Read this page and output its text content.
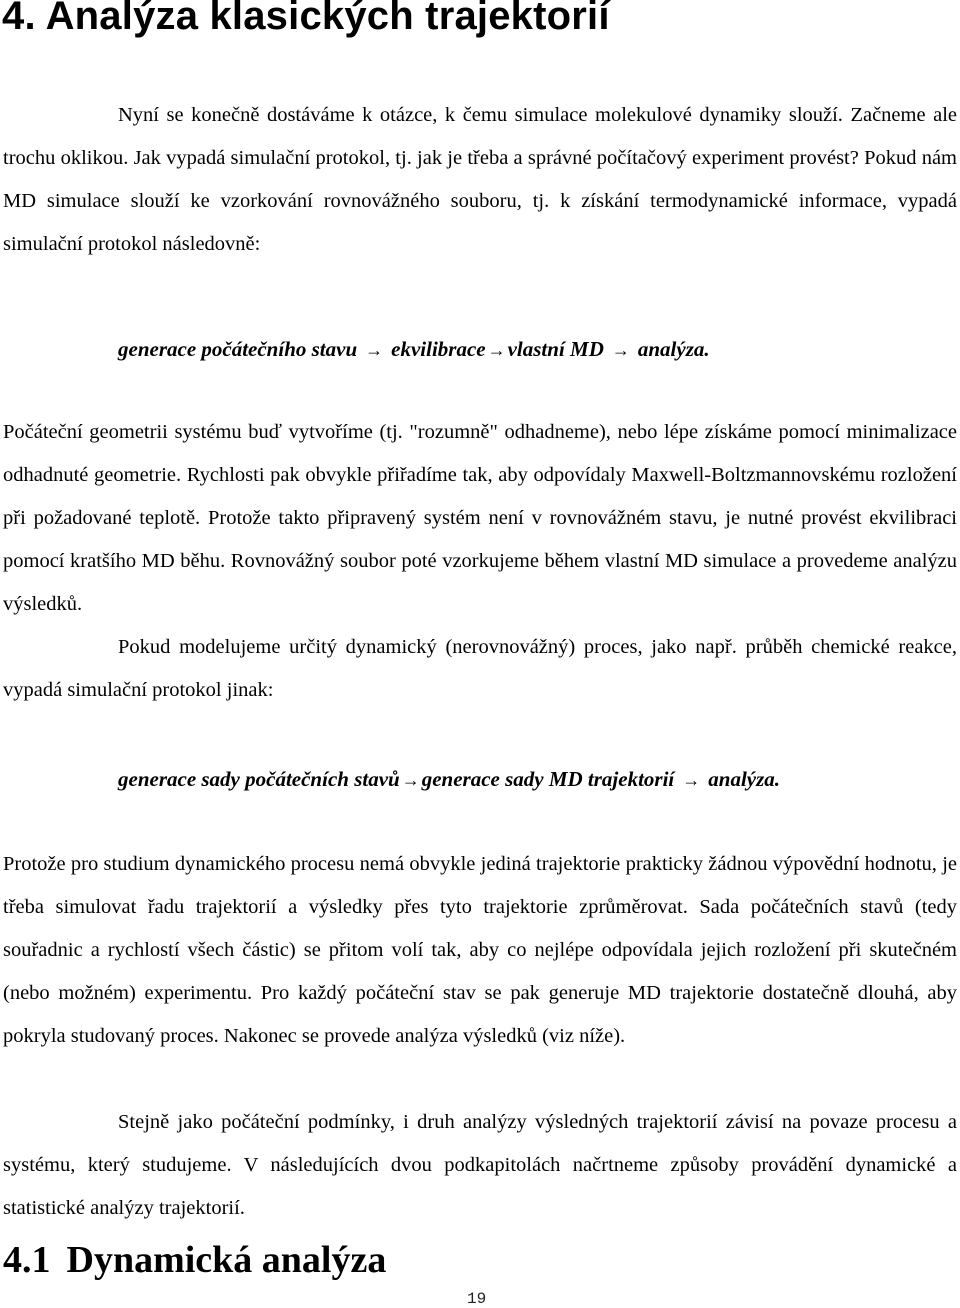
4. Analýza klasických trajektorií

Nyní se konečně dostáváme k otázce, k čemu simulace molekulové dynamiky slouží. Začneme ale trochu oklikou. Jak vypadá simulační protokol, tj. jak je třeba a správné počítačový experiment provést? Pokud nám MD simulace slouží ke vzorkování rovnovážného souboru, tj. k získání termodynamické informace, vypadá simulační protokol následovně:

generace počátečního stavu → ekvilibrace →vlastní MD → analýza.

Počáteční geometrii systému buď vytvoříme (tj. "rozumně" odhadneme), nebo lépe získáme pomocí minimalizace odhadnuté geometrie. Rychlosti pak obvykle přiřadíme tak, aby odpovídaly Maxwell-Boltzmannovskému rozložení při požadované teplotě. Protože takto připravený systém není v rovnovážném stavu, je nutné provést ekvilibraci pomocí kratšího MD běhu. Rovnovážný soubor poté vzorkujeme během vlastní MD simulace a provedeme analýzu výsledků.

Pokud modelujeme určitý dynamický (nerovnovážný) proces, jako např. průběh chemické reakce, vypadá simulační protokol jinak:

generace sady počátečních stavů →generace sady MD trajektorií → analýza.

Protože pro studium dynamického procesu nemá obvykle jediná trajektorie prakticky žádnou výpovědní hodnotu, je třeba simulovat řadu trajektorií a výsledky přes tyto trajektorie zprůměrovat. Sada počátečních stavů (tedy souřadnic a rychlostí všech částic) se přitom volí tak, aby co nejlépe odpovídala jejich rozložení při skutečném (nebo možném) experimentu. Pro každý počáteční stav se pak generuje MD trajektorie dostatečně dlouhá, aby pokryla studovaný proces. Nakonec se provede analýza výsledků (viz níže).

Stejně jako počáteční podmínky, i druh analýzy výsledných trajektorií závisí na povaze procesu a systému, který studujeme. V následujících dvou podkapitolách načrtneme způsoby provádění dynamické a statistické analýzy trajektorií.

4.1 Dynamická analýza
19
